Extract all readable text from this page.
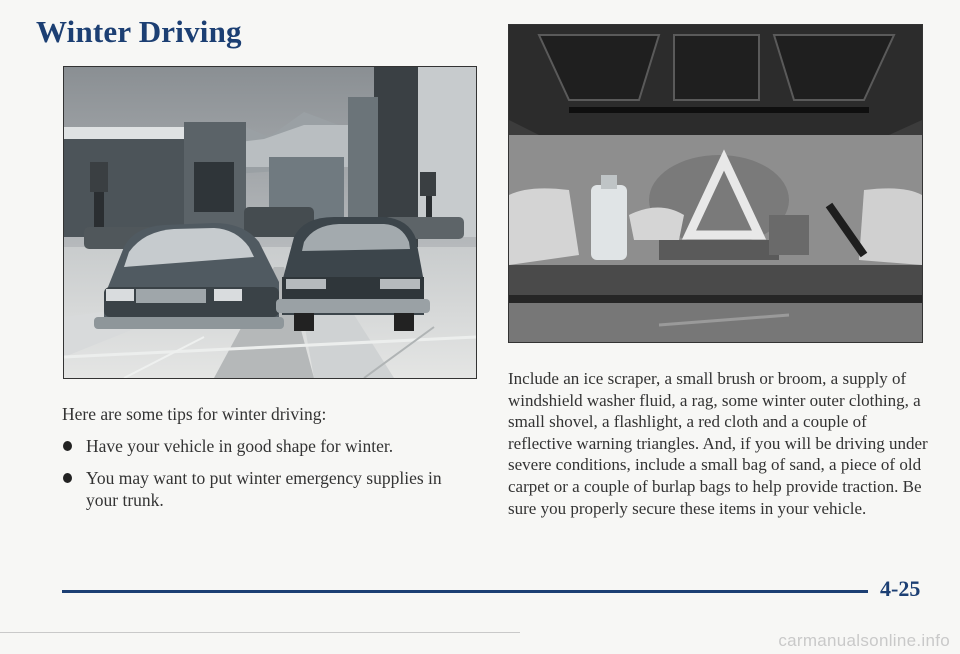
Winter Driving

Here are some tips for winter driving:

Have your vehicle in good shape for winter.
You may want to put winter emergency supplies in your trunk.

Include an ice scraper, a small brush or broom, a supply of windshield washer fluid, a rag, some winter outer clothing, a small shovel, a flashlight, a red cloth and a couple of reflective warning triangles. And, if you will be driving under severe conditions, include a small bag of sand, a piece of old carpet or a couple of burlap bags to help provide traction. Be sure you properly secure these items in your vehicle.

4-25
carmanualsonline.info
